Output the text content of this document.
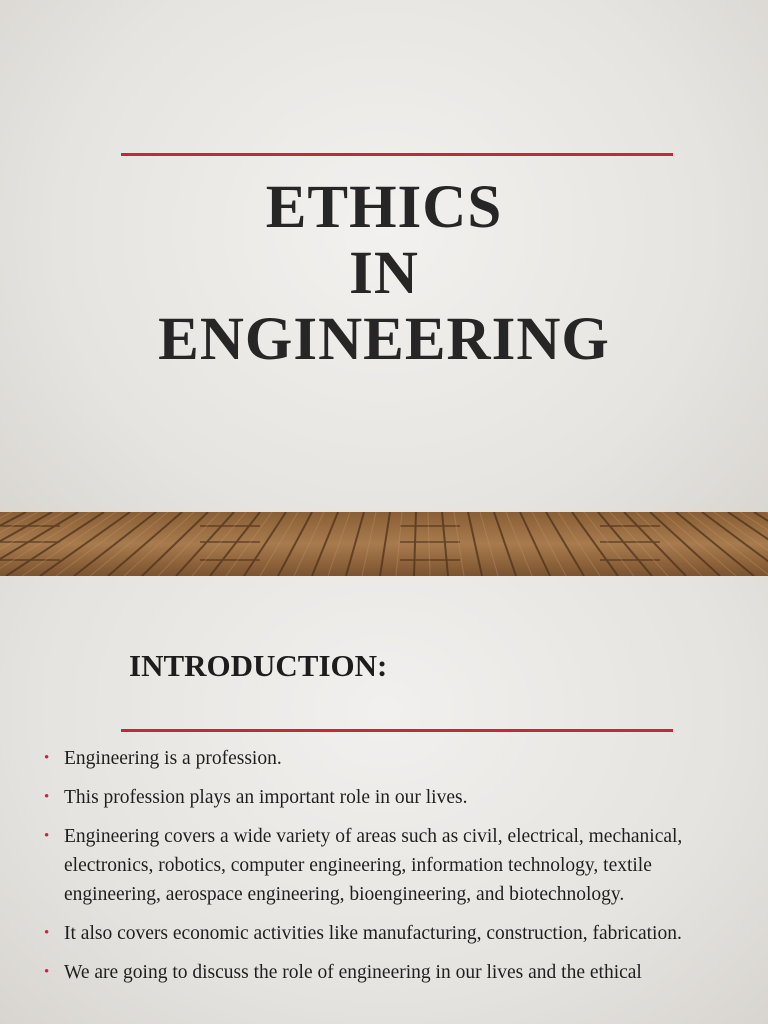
ETHICS
IN
ENGINEERING
INTRODUCTION:
• Engineering is a profession.
• This profession plays an important role in our lives.
• Engineering covers a wide variety of areas such as civil, electrical, mechanical, electronics, robotics, computer engineering, information technology, textile engineering, aerospace engineering, bioengineering, and biotechnology.
• It also covers economic activities like manufacturing, construction, fabrication.
• We are going to discuss the role of engineering in our lives and the ethical
